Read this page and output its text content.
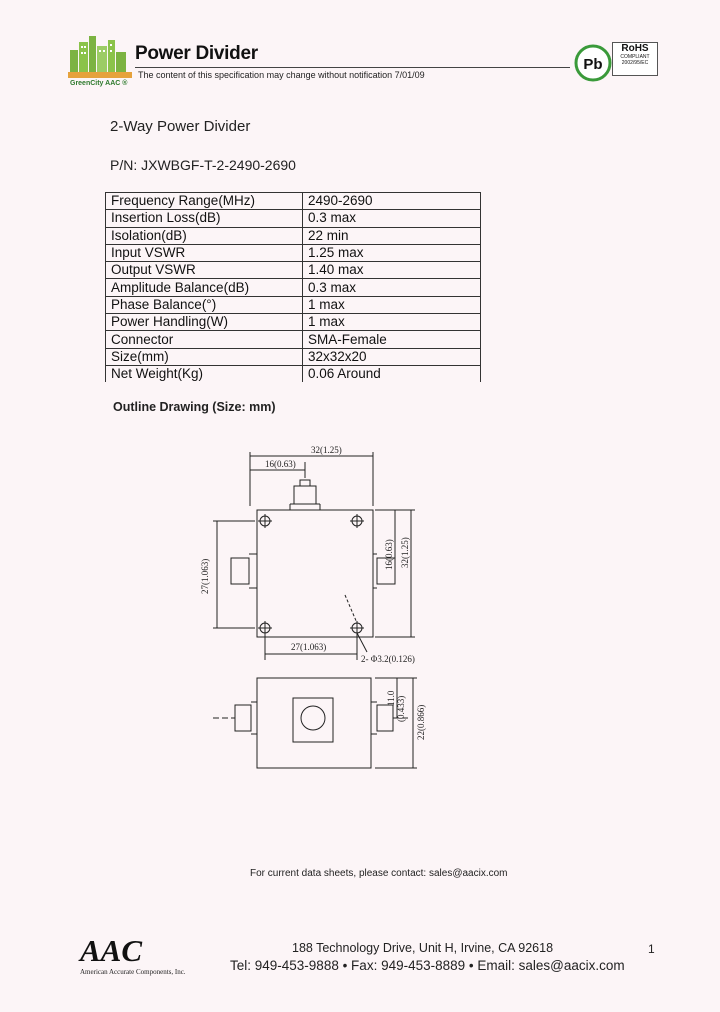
GreenCity AAC ®
Power Divider
The content of this specification may change without notification 7/01/09
Pb
RoHS
COMPLIANT
2002/95/EC
2-Way Power Divider
P/N: JXWBGF-T-2-2490-2690
Frequency Range(MHz)	2490-2690
Insertion Loss(dB)	0.3 max
Isolation(dB)	22 min
Input VSWR	1.25 max
Output VSWR	1.40 max
Amplitude Balance(dB)	0.3 max
Phase Balance(°)	1 max
Power Handling(W)	1 max
Connector	SMA-Female
Size(mm)	32x32x20
Net Weight(Kg)	0.06 Around
Outline Drawing (Size: mm)
32(1.25)
16(0.63)
27(1.063)
16(0.63) 32(1.25)
27(1.063)
2- Φ3.2(0.126)
11.0 (0.433) 22(0.866)
For current data sheets, please contact: sales@aacix.com
AAC
American Accurate Components, Inc.
188 Technology Drive, Unit H, Irvine, CA 92618
Tel: 949-453-9888 • Fax: 949-453-8889 • Email: sales@aacix.com
1
